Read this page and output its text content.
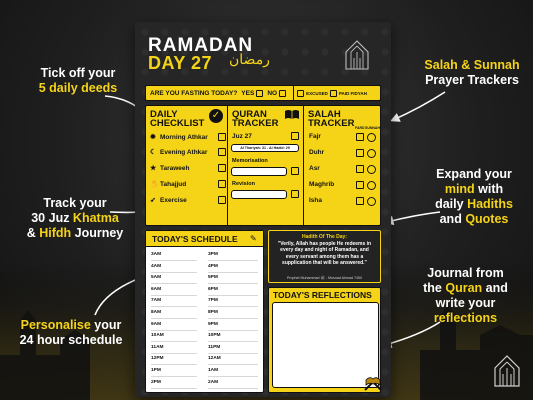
Tick off your
5 daily deeds
Salah & Sunnah
Prayer Trackers
Track your
30 Juz Khatma
& Hifdh Journey
Expand your
mind with
daily Hadiths
and Quotes
Journal from
the Quran and
write your
reflections
Personalise your
24 hour schedule
RAMADAN
DAY 27 رمضان
ARE YOU FASTING TODAY? YES NO	EXCUSED PAID FIDYAH
DAILY
CHECKLIST
✓
✹ Morning Athkar
☾ Evening Athkar
★ Taraweeh
✋ Tahajjud
➶ Exercise
QURAN
TRACKER
Juz 27
Al Thariyah: 31 - Al Hadid: 29
Memorisation
Revision
SALAH
TRACKER FARD SUNNAH
Fajr
Duhr
Asr
Maghrib
Isha
TODAY'S SCHEDULE	✎
3AM	3PM
4AM	4PM
5AM	5PM
6AM	6PM
7AM	7PM
8AM	8PM
9AM	9PM
10AM	10PM
11AM	11PM
12PM	12AM
1PM	1AM
2PM	2AM
Hadith Of The Day:
"Verily, Allah has people He redeems in every day and night of Ramadan, and every servant among them has a supplication that will be answered."
Prophet Muhammad ﷺ - Musnad Ahmad 7450
TODAY'S REFLECTIONS
